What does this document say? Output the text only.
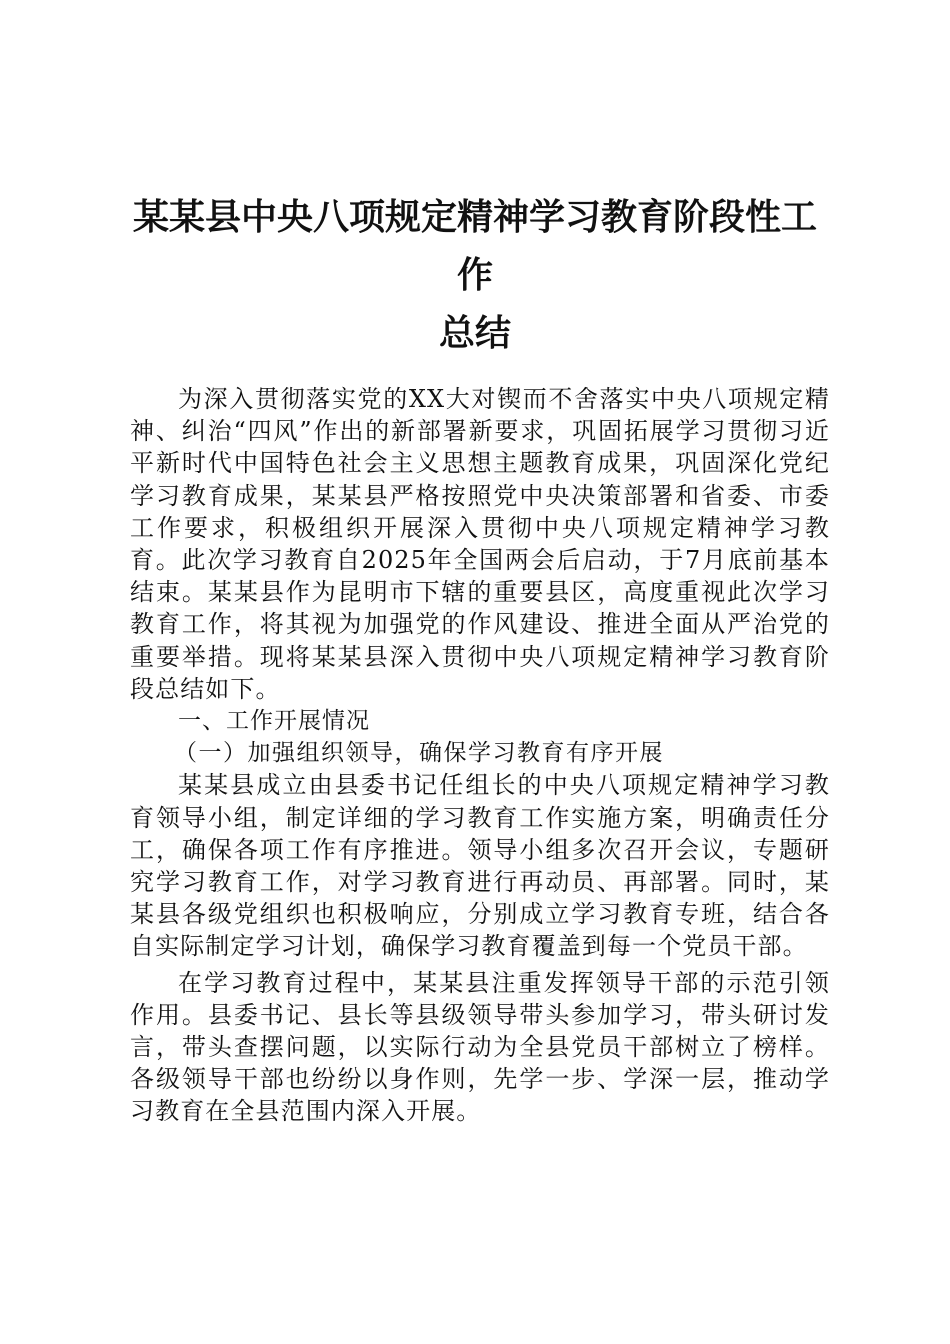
某某县中央八项规定精神学习教育阶段性工作
总结

为深入贯彻落实党的XX大对锲而不舍落实中央八项规定精神、纠治“四风”作出的新部署新要求，巩固拓展学习贯彻习近平新时代中国特色社会主义思想主题教育成果，巩固深化党纪学习教育成果，某某县严格按照党中央决策部署和省委、市委工作要求，积极组织开展深入贯彻中央八项规定精神学习教育。此次学习教育自2025年全国两会后启动，于7月底前基本结束。某某县作为昆明市下辖的重要县区，高度重视此次学习教育工作，将其视为加强党的作风建设、推进全面从严治党的重要举措。现将某某县深入贯彻中央八项规定精神学习教育阶段总结如下。

一、工作开展情况

（一）加强组织领导，确保学习教育有序开展

某某县成立由县委书记任组长的中央八项规定精神学习教育领导小组，制定详细的学习教育工作实施方案，明确责任分工，确保各项工作有序推进。领导小组多次召开会议，专题研究学习教育工作，对学习教育进行再动员、再部署。同时，某某县各级党组织也积极响应，分别成立学习教育专班，结合各自实际制定学习计划，确保学习教育覆盖到每一个党员干部。

在学习教育过程中，某某县注重发挥领导干部的示范引领作用。县委书记、县长等县级领导带头参加学习，带头研讨发言，带头查摆问题，以实际行动为全县党员干部树立了榜样。各级领导干部也纷纷以身作则，先学一步、学深一层，推动学习教育在全县范围内深入开展。
